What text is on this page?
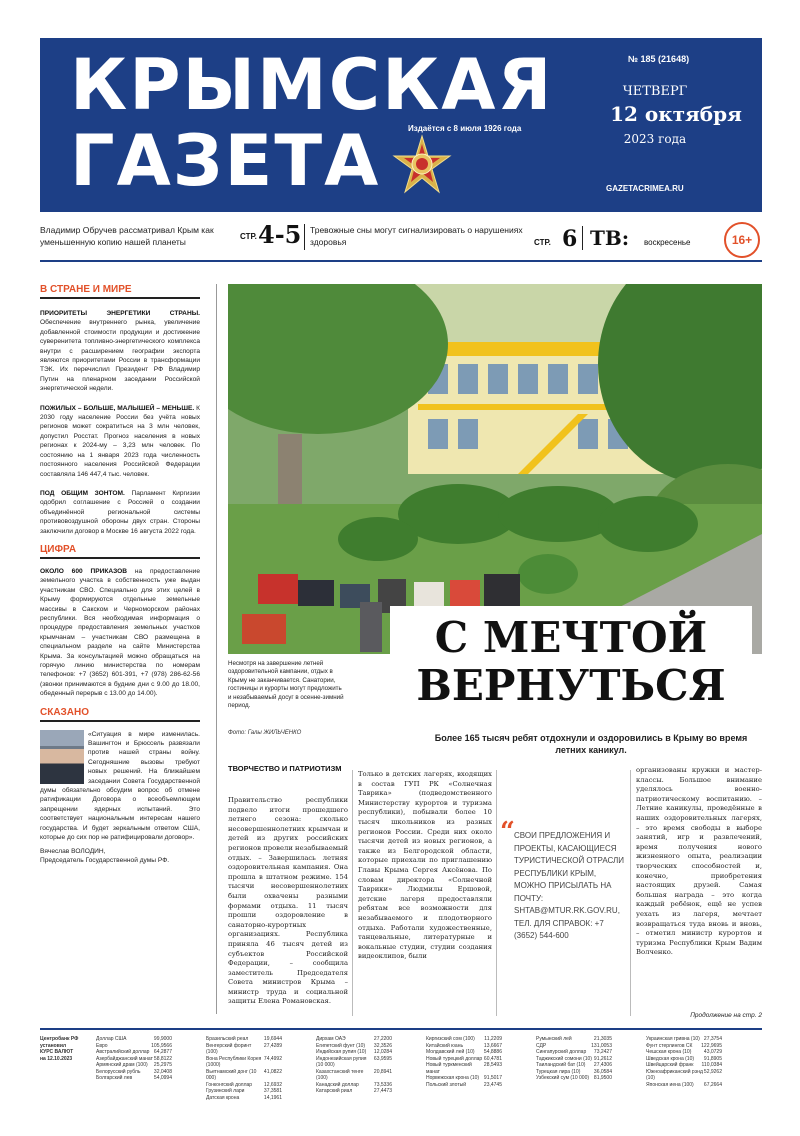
КРЫМСКАЯ
ГАЗЕТА	Издаётся с 8 июля 1926 года
№ 185 (21648)
ЧЕТВЕРГ
12 октября
2023 года
GAZETACRIMEA.RU
Владимир Обручев рассматривал Крым как уменьшенную копию нашей планеты
СТР. 4-5 Тревожные сны могут сигнализировать о нарушениях здоровья	СТР. 6 ТВ: воскресенье	16+
В СТРАНЕ И МИРЕ
ПРИОРИТЕТЫ ЭНЕРГЕТИКИ СТРАНЫ. Обеспечение внутреннего рынка, увеличение добавленной стоимости продукции и достижение суверенитета топливно-энергетического комплекса внутри с расширением географии экспорта являются приоритетами России в трансформации ТЭК. Их перечислил Президент РФ Владимир Путин на пленарном заседании Российской энергетической недели.
ПОЖИЛЫХ – БОЛЬШЕ, МАЛЫШЕЙ – МЕНЬШЕ. К 2030 году население России без учёта новых регионов может сократиться на 3 млн человек, допустил Росстат. Прогноз населения в новых регионах к 2024-му – 3,23 млн человек. По состоянию на 1 января 2023 года численность постоянного населения Российской Федерации составляла 146 447,4 тыс. человек.
ПОД ОБЩИМ ЗОНТОМ. Парламент Киргизии одобрил соглашение с Россией о создании объединённой региональной системы противовоздушной обороны двух стран. Стороны заключили договор в Москве 16 августа 2022 года.
ЦИФРА
ОКОЛО 600 ПРИКАЗОВ на предоставление земельного участка в собственность уже выдан участникам СВО. Специально для этих целей в Крыму формируются отдельные земельные массивы в Сакском и Черноморском районах республики. Вся необходимая информация о процедуре предоставления земельных участков крымчанам – участникам СВО размещена в специальном разделе на сайте Министерства Крыма. За консультацией можно обращаться на горячую линию министерства по номерам телефонов: +7 (3652) 601-391, +7 (978) 286-62-56 (звонки принимаются в будние дни с 9.00 до 18.00, обеденный перерыв с 13.00 до 14.00).
СКАЗАНО
«Ситуация в мире изменилась. Вашингтон и Брюссель развязали против нашей страны войну. Сегодняшние вызовы требуют новых решений. На ближайшем заседании Совета Государственной думы обязательно обсудим вопрос об отмене ратификации Договора о всеобъемлющем запрещении ядерных испытаний. Это соответствует национальным интересам нашего государства. И будет зеркальным ответом США, которые до сих пор не ратифицировали договор».
Вячеслав ВОЛОДИН,
Председатель Государственной думы РФ.
Несмотря на завершение летней оздоровительной кампании, отдых в Крыму не заканчивается. Санатории, гостиницы и курорты могут предложить и незабываемый досуг в осенне-зимний период.
Фото: Галы ЖИЛЬЧЕНКО
С МЕЧТОЙ
ВЕРНУТЬСЯ
Более 165 тысяч ребят отдохнули и оздоровились в Крыму во время летних каникул.
ТВОРЧЕСТВО И ПАТРИОТИЗМ
Правительство республики подвело итоги прошедшего летнего сезона: сколько несовершеннолетних крымчан и детей из других российских регионов провели незабываемый отдых. – Завершилась летняя оздоровительная кампания. Она прошла в штатном режиме. 154 тысячи несовершеннолетних были охвачены разными формами отдыха. 11 тысяч прошли оздоровление в санаторно-курортных организациях. Республика приняла 46 тысяч детей из субъектов Российской Федерации, – сообщила заместитель Председателя Совета министров Крыма – министр труда и социальной защиты Елена Романовская.
Только в детских лагерях, входящих в состав ГУП РК «Солнечная Таврика» (подведомственного Министерству курортов и туризма республики), побывали более 10 тысяч школьников из разных регионов России. Среди них около тысячи детей из новых регионов, а также из Белгородской области, которые приехали по приглашению Главы Крыма Сергея Аксёнова. По словам директора «Солнечной Таврики» Людмилы Ершовой, детские лагеря предоставляли ребятам все возможности для незабываемого и плодотворного отдыха. Работали художественные, танцевальные, литературные и вокальные студии, студии создания видеоклипов, были
“ СВОИ ПРЕДЛОЖЕНИЯ И ПРОЕКТЫ, КАСАЮЩИЕСЯ ТУРИСТИЧЕСКОЙ ОТРАСЛИ РЕСПУБЛИКИ КРЫМ, МОЖНО ПРИСЫЛАТЬ НА ПОЧТУ: SHTAB@MTUR.RK.GOV.RU, ТЕЛ. ДЛЯ СПРАВОК: +7 (3652) 544-600
организованы кружки и мастер-классы. Большое внимание уделялось военно-патриотическому воспитанию. – Летние каникулы, проведённые в наших оздоровительных лагерях, – это время свободы в выборе занятий, игр и развлечений, время получения нового жизненного опыта, реализации творческих способностей и, конечно, приобретения настоящих друзей. Самая большая награда – это когда каждый ребёнок, ещё не успев уехать из лагеря, мечтает возвращаться туда вновь и вновь, – отметил министр курортов и туризма Республики Крым Вадим Волченко.
Продолжение на стр. 2
Центробанк РФ
установил
КУРС ВАЛЮТ
на 12.10.2023
Доллар США	99,9000
Евро	105,9566
Австралийский доллар 64,2877
Азербайджанский манат 58,8122
Армянский драм (100) 25,2975
Белорусский рубль	32,0408
Болгарский лев	54,0994
Бразильский реал	19,6944
Венгерский форинт (100)
27,4289
Вона Республики Корея (1000)
74,4992
Вьетнамский донг (10 000)
41,0822
Гонконгский доллар 12,6932
Грузинский лари	37,3581
Датская крона	14,1961
Дирхам ОАЭ	27,2200
Египетский фунт (10) 32,3526
Индийская рупия (10) 12,0284
Индонезийская рупия (10 000)
63,9595
Казахстанский тенге (100)
20,8941
Канадский доллар	73,5336
Катарский риал	27,4473
Киргизский сом (100) 11,2209
Китайский юань	13,6667
Молдавский лей (10) 54,8886
Новый турецкий доллар 60,4781
Новый туркменский манат
28,5493
Норвежская крона (10) 91,5017
Польский злотый	23,4745
Румынский лей	21,3035
СДР	131,0053
Сингапурский доллар 73,2427
Таджикский сомони (10) 91,2612
Таиландский бат (10) 27,4306
Турецкая лира (10)	36,0584
Узбекский сум (10 000) 81,9500
Украинская гривна (10) 27,3754
Фунт стерлингов СК 122,9695
Чешская крона (10)	43,0729
Шведская крона (10) 91,8905
Швейцарский франк 110,0384
Южноафриканский рэнд (10)
52,9262
Японская иена (100) 67,2664
